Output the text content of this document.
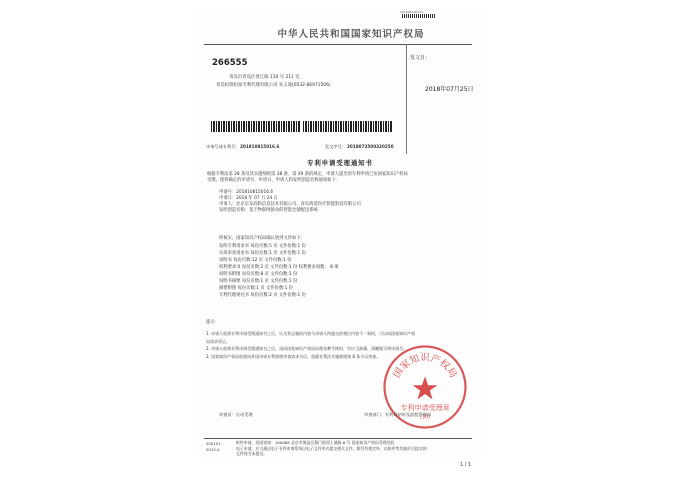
201808140123
中华人民共和国国家知识产权局
266555
青岛市青岛区香江路 110 号 211 室
青岛恒瑞恒知专利代理有限公司 朱玉迪(0532-86971506)
发文日：
2018年07月25日
申请号或专利号： 201810815016.6	发文序号： 2018072500320250
专利申请受理通知书
根据专利法第 28 条及其实施细则第 38 条、第 39 条的规定，申请人提出的专利申请已由国家知识产权局
受理。现将确定的申请号、申请日、申请人和发明创造名称通知如下：
申请号：201810815016.6
申请日：2018 年 07 月 24 日
申请人：北京京东尚科信息技术有限公司，青岛海道医疗智能科技有限公司
发明创造名称：基于物联网驱动的智能仓储配送系统
经核实，国家知识产权局确认收到文件如下：
发明专利请求书 每份页数:5 页 文件份数:1 份
实质审查请求书 每份页数:1 页 文件份数:1 份
说明书 每份页数:12 页 文件份数:1 份
权利要求书 每份页数:2 页 文件份数:1 份 权利要求项数： 8 项
说明书附图 每份页数:8 页 文件份数:1 份
说明书摘要 每份页数:1 页 文件份数:1 份
摘要附图 每份页数:1 页 文件份数:1 份
专利代理委托书 每份页数:2 页 文件份数:1 份
提示：
1. 申请人收到专利申请受理通知书之后，认为其记载的内容与申请人所提交的相应内容不一致时，可以向国家知识产权
局请求更正。
2. 申请人收到专利申请受理通知书之后，再向国家知识产权局办理各种手续时，均应当准确、清晰地写明申请号。
3. 国家知识产权局收到向外国申请专利保密审查请求书后，依据专利法实施细则第 8 条予以审查。
国家知识产权局
专利申请受理章
(30)
审查员：自动受理	审查部门：专利局初审及流程管理部
200101
2013.4
纸件申请，回函请寄：100088 北京市海淀区蓟门桥西土城路 6 号 国家知识产权局受理处收
电子申请，应当通过电子专利申请系统以电子文件形式提交相关文件。除另有规定外，以纸件等其他形式提交的
文件视为未提交。
1 / 1
